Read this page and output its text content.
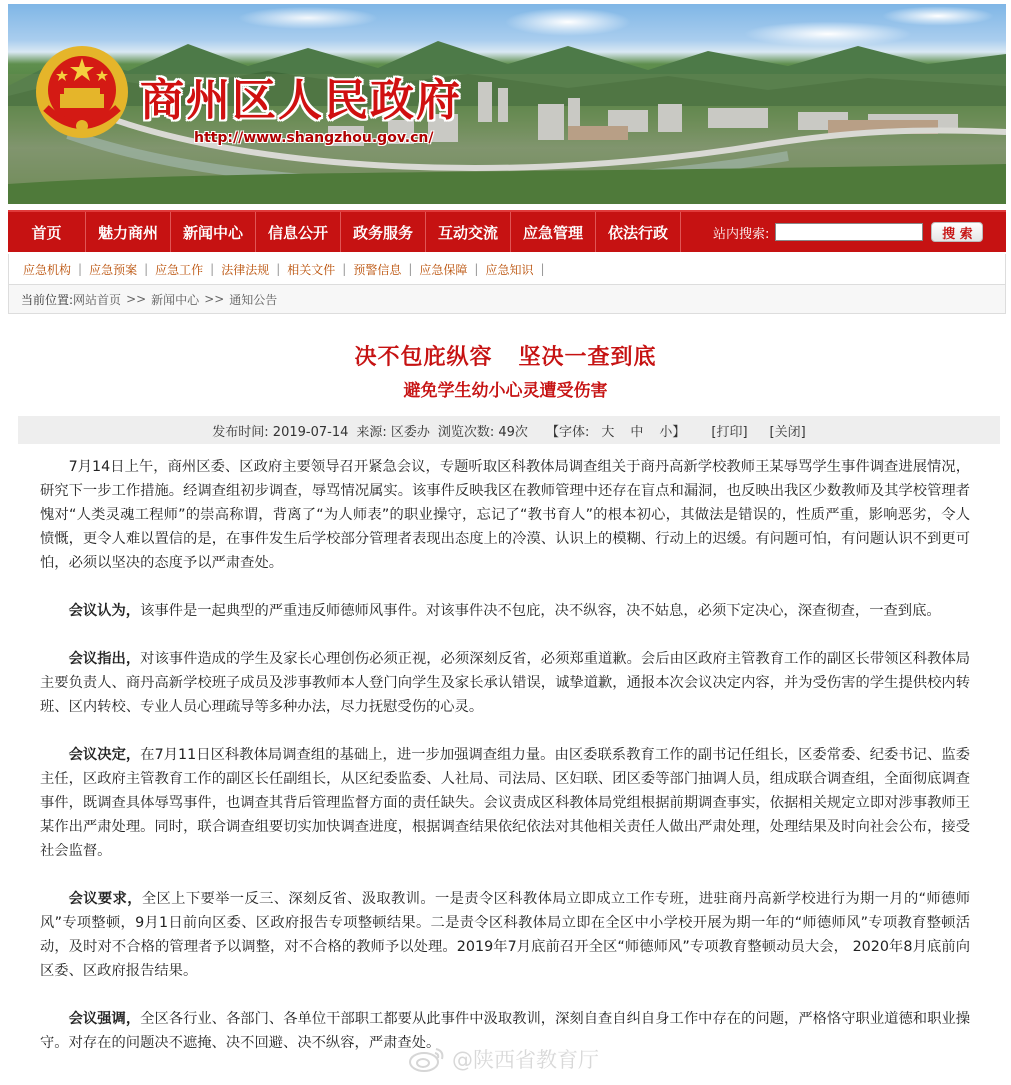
商州区人民政府
http://www.shangzhou.gov.cn/
首页	魅力商州	新闻中心	信息公开	政务服务	互动交流	应急管理	依法行政	站内搜索:	搜 索
应急机构 | 应急预案 | 应急工作 | 法律法规 | 相关文件 | 预警信息 | 应急保障 | 应急知识 |
当前位置: 网站首页 >> 新闻中心 >> 通知公告
决不包庇纵容    坚决一查到底
避免学生幼小心灵遭受伤害
发布时间: 2019-07-14 来源: 区委办 浏览次数: 49次 【字体: 大 中 小】 [打印] [关闭]

7月14日上午，商州区委、区政府主要领导召开紧急会议，专题听取区科教体局调查组关于商丹高新学校教师王某辱骂学生事件调查进展情况，研究下一步工作措施。经调查组初步调查，辱骂情况属实。该事件反映我区在教师管理中还存在盲点和漏洞，也反映出我区少数教师及其学校管理者愧对“人类灵魂工程师”的崇高称谓，背离了“为人师表”的职业操守，忘记了“教书育人”的根本初心，其做法是错误的，性质严重，影响恶劣，令人愤慨，更令人难以置信的是，在事件发生后学校部分管理者表现出态度上的冷漠、认识上的模糊、行动上的迟缓。有问题可怕，有问题认识不到更可怕，必须以坚决的态度予以严肃查处。

会议认为，该事件是一起典型的严重违反师德师风事件。对该事件决不包庇，决不纵容，决不姑息，必须下定决心，深查彻查，一查到底。

会议指出，对该事件造成的学生及家长心理创伤必须正视，必须深刻反省，必须郑重道歉。会后由区政府主管教育工作的副区长带领区科教体局主要负责人、商丹高新学校班子成员及涉事教师本人登门向学生及家长承认错误，诚挚道歉，通报本次会议决定内容，并为受伤害的学生提供校内转班、区内转校、专业人员心理疏导等多种办法，尽力抚慰受伤的心灵。

会议决定，在7月11日区科教体局调查组的基础上，进一步加强调查组力量。由区委联系教育工作的副书记任组长，区委常委、纪委书记、监委主任，区政府主管教育工作的副区长任副组长，从区纪委监委、人社局、司法局、区妇联、团区委等部门抽调人员，组成联合调查组，全面彻底调查事件，既调查具体辱骂事件，也调查其背后管理监督方面的责任缺失。会议责成区科教体局党组根据前期调查事实，依据相关规定立即对涉事教师王某作出严肃处理。同时，联合调查组要切实加快调查进度，根据调查结果依纪依法对其他相关责任人做出严肃处理，处理结果及时向社会公布，接受社会监督。

会议要求，全区上下要举一反三、深刻反省、汲取教训。一是责令区科教体局立即成立工作专班，进驻商丹高新学校进行为期一月的“师德师风”专项整顿，9月1日前向区委、区政府报告专项整顿结果。二是责令区科教体局立即在全区中小学校开展为期一年的“师德师风”专项教育整顿活动，及时对不合格的管理者予以调整，对不合格的教师予以处理。2019年7月底前召开全区“师德师风”专项教育整顿动员大会， 2020年8月底前向区委、区政府报告结果。

会议强调，全区各行业、各部门、各单位干部职工都要从此事件中汲取教训，深刻自查自纠自身工作中存在的问题，严格恪守职业道德和职业操守。对存在的问题决不遮掩、决不回避、决不纵容，严肃查处。

@陕西省教育厅
